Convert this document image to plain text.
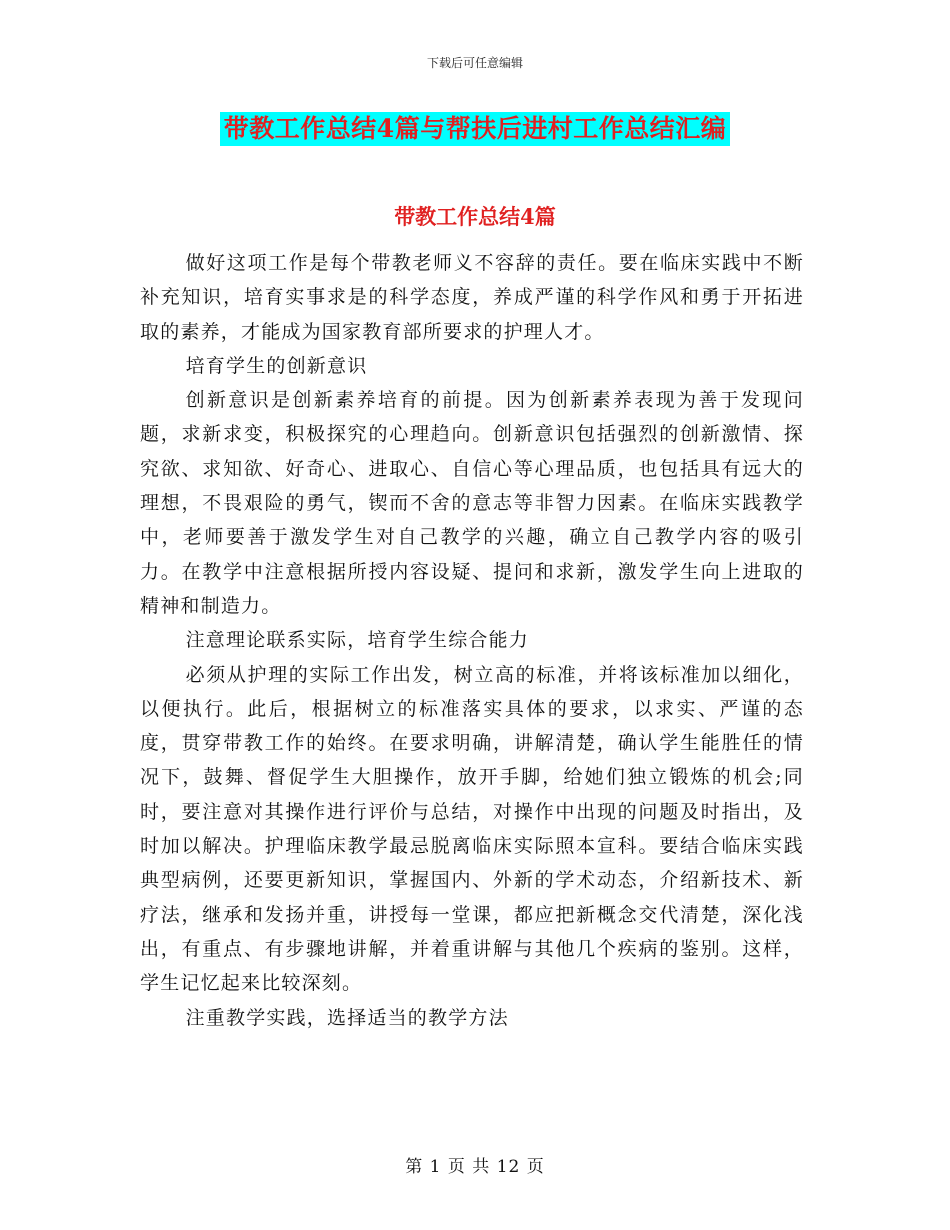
下载后可任意编辑
带教工作总结4篇与帮扶后进村工作总结汇编
带教工作总结4篇

做好这项工作是每个带教老师义不容辞的责任。要在临床实践中不断补充知识，培育实事求是的科学态度，养成严谨的科学作风和勇于开拓进取的素养，才能成为国家教育部所要求的护理人才。

培育学生的创新意识

创新意识是创新素养培育的前提。因为创新素养表现为善于发现问题，求新求变，积极探究的心理趋向。创新意识包括强烈的创新激情、探究欲、求知欲、好奇心、进取心、自信心等心理品质，也包括具有远大的理想，不畏艰险的勇气，锲而不舍的意志等非智力因素。在临床实践教学中，老师要善于激发学生对自己教学的兴趣，确立自己教学内容的吸引力。在教学中注意根据所授内容设疑、提问和求新，激发学生向上进取的精神和制造力。

注意理论联系实际，培育学生综合能力

必须从护理的实际工作出发，树立高的标准，并将该标准加以细化，以便执行。此后，根据树立的标准落实具体的要求，以求实、严谨的态度，贯穿带教工作的始终。在要求明确，讲解清楚，确认学生能胜任的情况下，鼓舞、督促学生大胆操作，放开手脚，给她们独立锻炼的机会;同时，要注意对其操作进行评价与总结，对操作中出现的问题及时指出，及时加以解决。护理临床教学最忌脱离临床实际照本宣科。要结合临床实践典型病例，还要更新知识，掌握国内、外新的学术动态，介绍新技术、新疗法，继承和发扬并重，讲授每一堂课，都应把新概念交代清楚，深化浅出，有重点、有步骤地讲解，并着重讲解与其他几个疾病的鉴别。这样，学生记忆起来比较深刻。

注重教学实践，选择适当的教学方法

第 1 页 共 12 页
